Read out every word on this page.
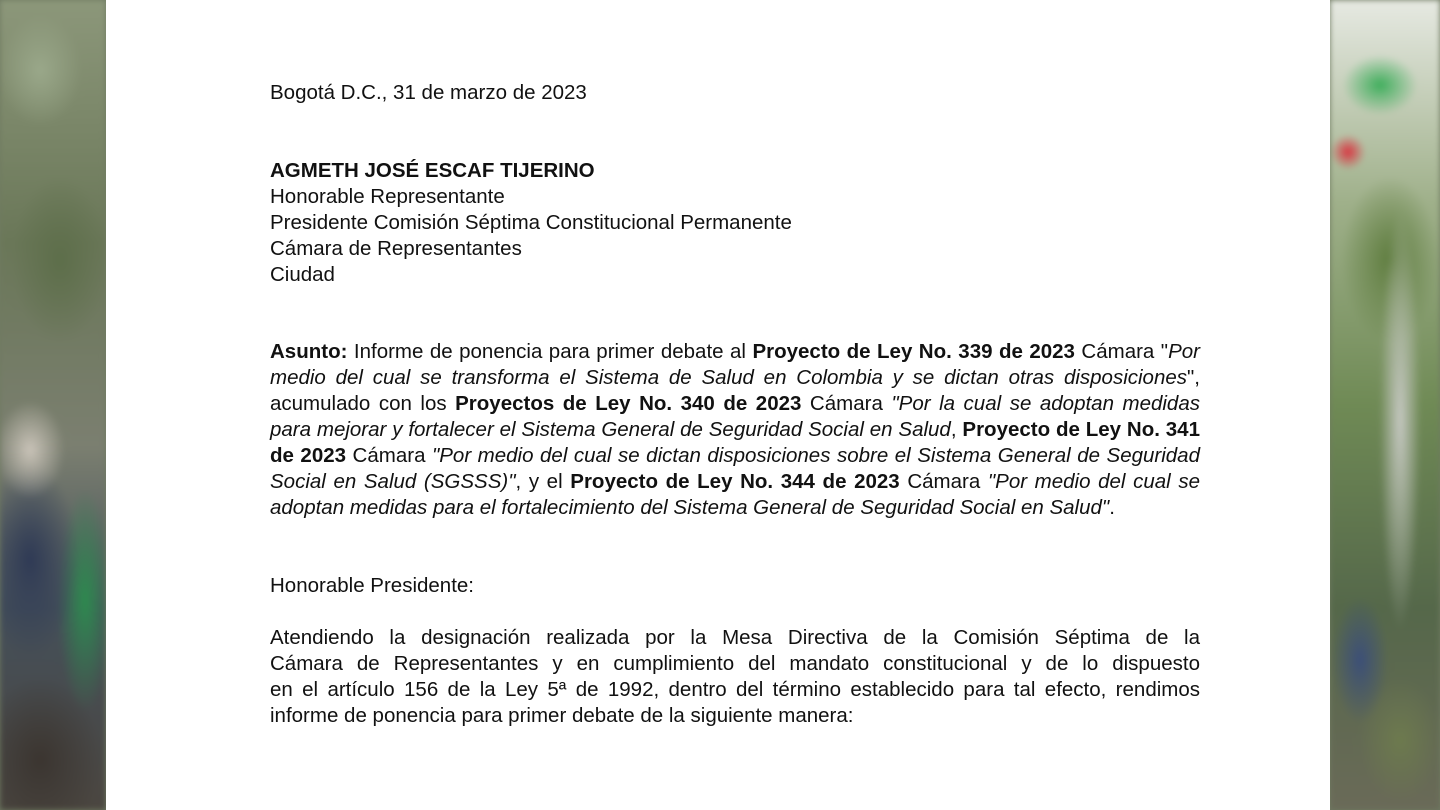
Bogotá D.C., 31 de marzo de 2023
AGMETH JOSÉ ESCAF TIJERINO
Honorable Representante
Presidente Comisión Séptima Constitucional Permanente
Cámara de Representantes
Ciudad
Asunto: Informe de ponencia para primer debate al Proyecto de Ley No. 339 de 2023 Cámara "Por medio del cual se transforma el Sistema de Salud en Colombia y se dictan otras disposiciones", acumulado con los Proyectos de Ley No. 340 de 2023 Cámara "Por la cual se adoptan medidas para mejorar y fortalecer el Sistema General de Seguridad Social en Salud, Proyecto de Ley No. 341 de 2023 Cámara "Por medio del cual se dictan disposiciones sobre el Sistema General de Seguridad Social en Salud (SGSSS)", y el Proyecto de Ley No. 344 de 2023 Cámara "Por medio del cual se adoptan medidas para el fortalecimiento del Sistema General de Seguridad Social en Salud".
Honorable Presidente:
Atendiendo la designación realizada por la Mesa Directiva de la Comisión Séptima de la
Cámara de Representantes y en cumplimiento del mandato constitucional y de lo dispuesto
en el artículo 156 de la Ley 5ª de 1992, dentro del término establecido para tal efecto, rendimos
informe de ponencia para primer debate de la siguiente manera:
